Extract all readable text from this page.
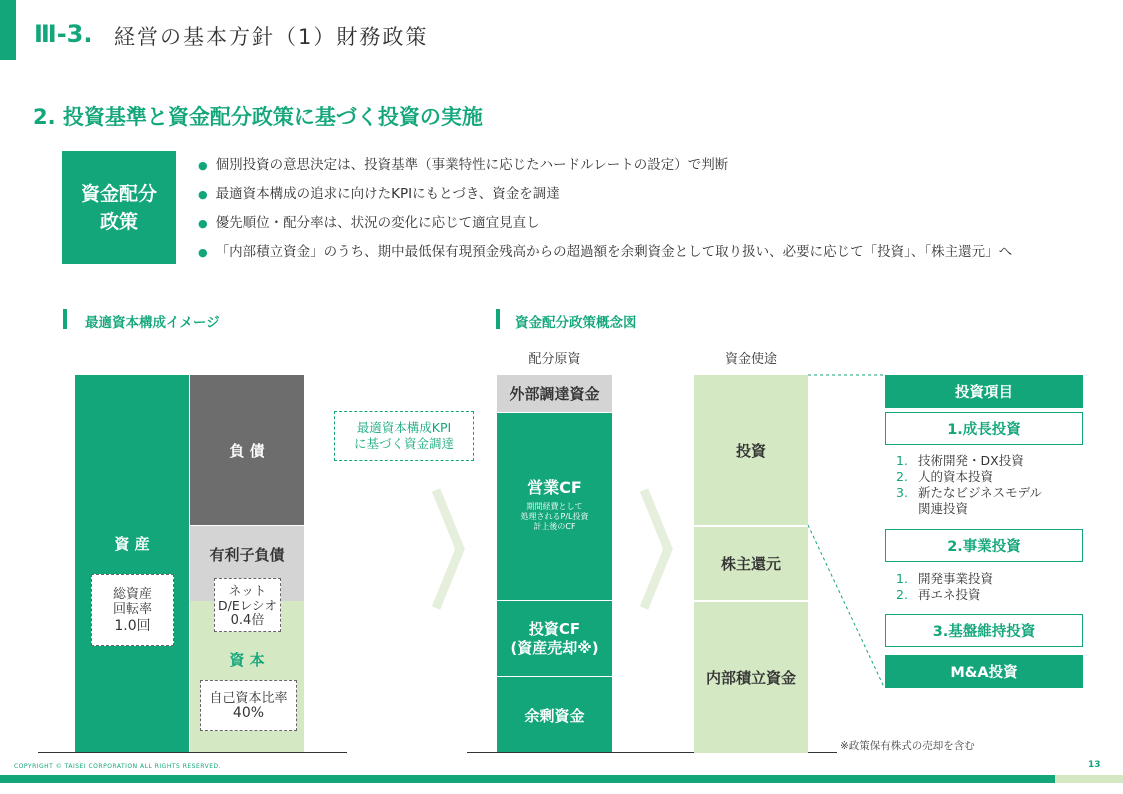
Ⅲ-3. 経営の基本方針（1）財務政策
2. 投資基準と資金配分政策に基づく投資の実施
資金配分
政策
● 個別投資の意思決定は、投資基準（事業特性に応じたハードルレートの設定）で判断
● 最適資本構成の追求に向けたKPIにもとづき、資金を調達
● 優先順位・配分率は、状況の変化に応じて適宜見直し
● 「内部積立資金」のうち、期中最低保有現預金残高からの超過額を余剰資金として取り扱い、必要に応じて「投資」、「株主還元」へ
最適資本構成イメージ
資 産
総資産
回転率
1.0回
負 債
有利子負債
資 本
ネット
D/Eレシオ
0.4倍
自己資本比率
40%
最適資本構成KPI
に基づく資金調達
資金配分政策概念図
配分原資	資金使途
外部調達資金
営業CF
期間経費として
処理されるP/L投資
計上後のCF
投資CF
(資産売却※)
余剰資金
投資
株主還元
内部積立資金
投資項目
1.成長投資
1. 技術開発・DX投資
2. 人的資本投資
3. 新たなビジネスモデル
関連投資
2.事業投資
1. 開発事業投資
2. 再エネ投資
3.基盤維持投資
M&A投資
※政策保有株式の売却を含む
COPYRIGHT © TAISEI CORPORATION ALL RIGHTS RESERVED.	13
